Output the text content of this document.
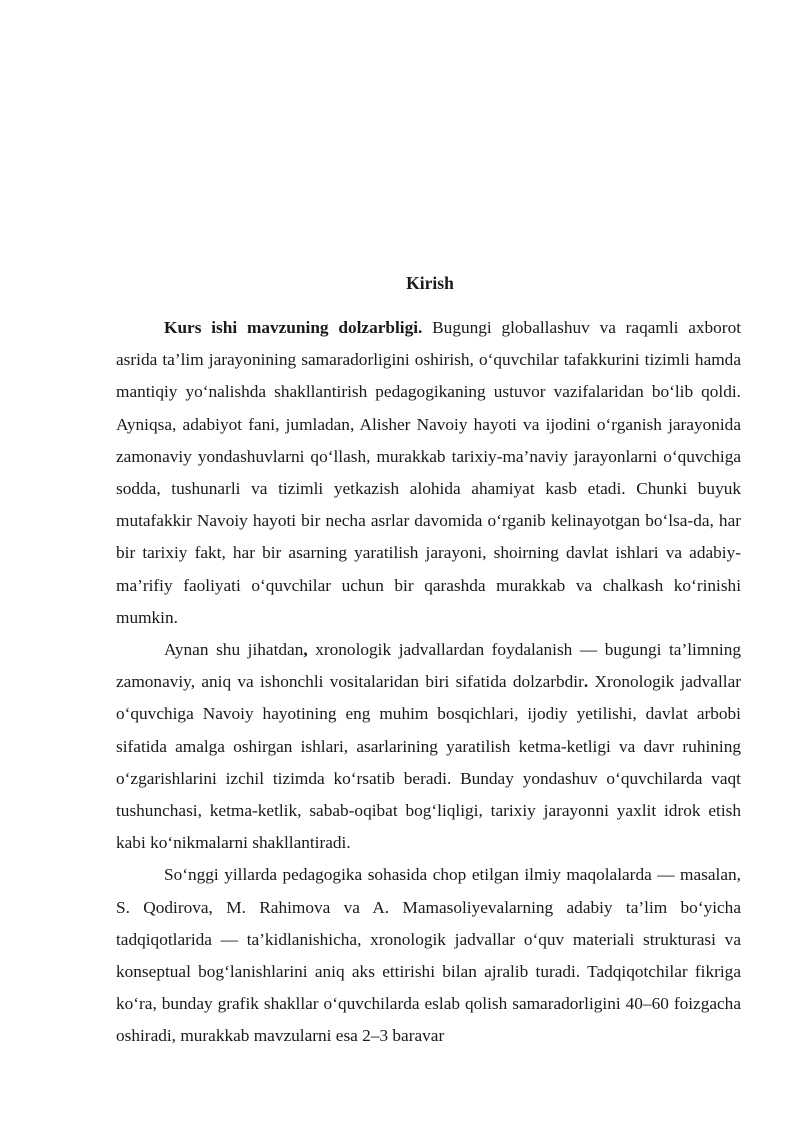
Kirish

Kurs ishi mavzuning dolzarbligi. Bugungi globallashuv va raqamli axborot asrida ta’lim jarayonining samaradorligini oshirish, o‘quvchilar tafakkurini tizimli hamda mantiqiy yo‘nalishda shakllantirish pedagogikaning ustuvor vazifalaridan bo‘lib qoldi. Ayniqsa, adabiyot fani, jumladan, Alisher Navoiy hayoti va ijodini o‘rganish jarayonida zamonaviy yondashuvlarni qo‘llash, murakkab tarixiy-ma’naviy jarayonlarni o‘quvchiga sodda, tushunarli va tizimli yetkazish alohida ahamiyat kasb etadi. Chunki buyuk mutafakkir Navoiy hayoti bir necha asrlar davomida o‘rganib kelinayotgan bo‘lsa-da, har bir tarixiy fakt, har bir asarning yaratilish jarayoni, shoirning davlat ishlari va adabiy-ma’rifiy faoliyati o‘quvchilar uchun bir qarashda murakkab va chalkash ko‘rinishi mumkin.

Aynan shu jihatdan, xronologik jadvallardan foydalanish — bugungi ta’limning zamonaviy, aniq va ishonchli vositalaridan biri sifatida dolzarbdir. Xronologik jadvallar o‘quvchiga Navoiy hayotining eng muhim bosqichlari, ijodiy yetilishi, davlat arbobi sifatida amalga oshirgan ishlari, asarlarining yaratilish ketma-ketligi va davr ruhining o‘zgarishlarini izchil tizimda ko‘rsatib beradi. Bunday yondashuv o‘quvchilarda vaqt tushunchasi, ketma-ketlik, sabab-oqibat bog‘liqligi, tarixiy jarayonni yaxlit idrok etish kabi ko‘nikmalarni shakllantiradi.

So‘nggi yillarda pedagogika sohasida chop etilgan ilmiy maqolalarda — masalan, S. Qodirova, M. Rahimova va A. Mamasoliyevalarning adabiy ta’lim bo‘yicha tadqiqotlarida — ta’kidlanishicha, xronologik jadvallar o‘quv materiali strukturasi va konseptual bog‘lanishlarini aniq aks ettirishi bilan ajralib turadi. Tadqiqotchilar fikriga ko‘ra, bunday grafik shakllar o‘quvchilarda eslab qolish samaradorligini 40–60 foizgacha oshiradi, murakkab mavzularni esa 2–3 baravar
